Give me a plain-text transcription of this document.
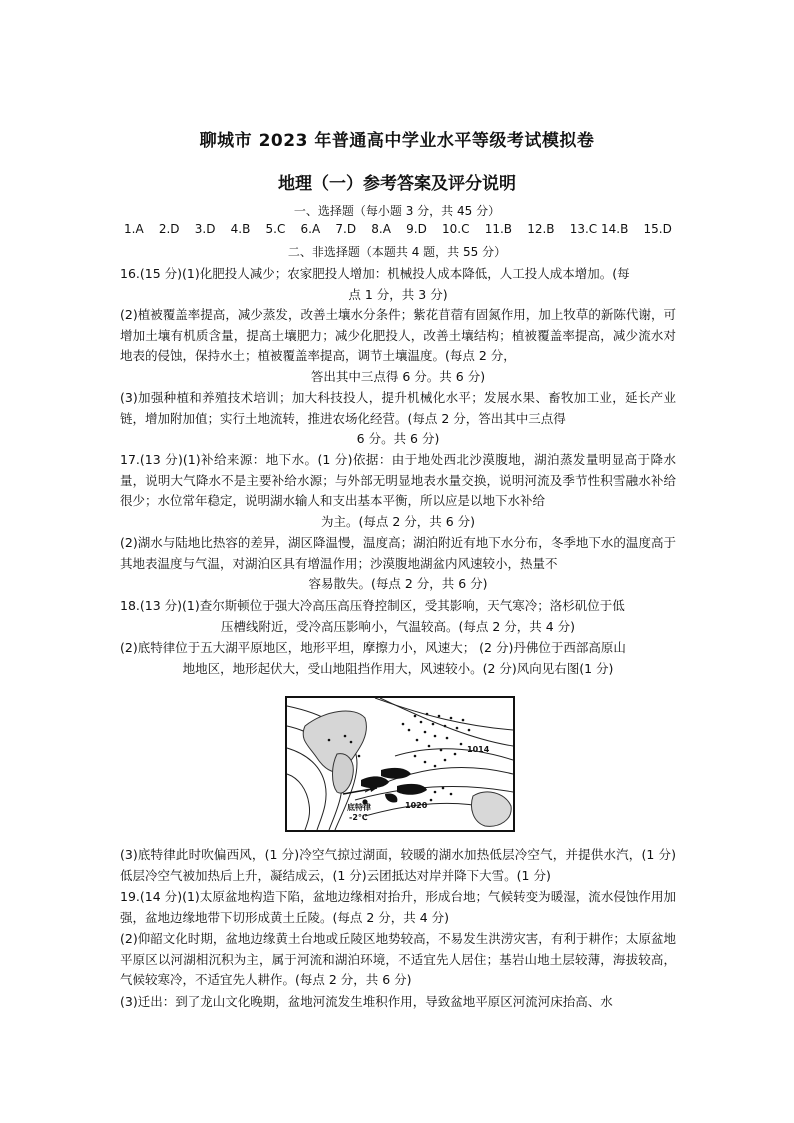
聊城市 2023 年普通高中学业水平等级考试模拟卷
地理（一）参考答案及评分说明
一、选择题（每小题 3 分，共 45 分）
1.A 2.D 3.D 4.B 5.C 6.A 7.D 8.A 9.D 10.C 11.B 12.B 13.C 14.B 15.D
二、非选择题（本题共 4 题，共 55 分）
16.(15 分)(1)化肥投人减少；农家肥投人增加：机械投人成本降低，人工投人成本增加。(每
点 1 分，共 3 分)
(2)植被覆盖率提高，减少蒸发，改善土壤水分条件；紫花苜蓿有固氮作用，加上牧草的新陈代谢，可增加土壤有机质含量，提高土壤肥力；减少化肥投人，改善土壤结构；植被覆盖率提高，减少流水对地表的侵蚀，保持水土；植被覆盖率提高，调节土壤温度。(每点 2 分，
答出其中三点得 6 分。共 6 分)
(3)加强种植和养殖技术培训；加大科技投人，提升机械化水平；发展水果、畜牧加工业，延长产业链，增加附加值；实行土地流转，推进农场化经营。(每点 2 分，答出其中三点得
6 分。共 6 分)
17.(13 分)(1)补给来源：地下水。(1 分)依据：由于地处西北沙漠腹地，湖泊蒸发量明显高于降水量，说明大气降水不是主要补给水源；与外部无明显地表水量交换，说明河流及季节性积雪融水补给很少；水位常年稳定，说明湖水输人和支出基本平衡，所以应是以地下水补给
为主。(每点 2 分，共 6 分)
(2)湖水与陆地比热容的差异，湖区降温慢，温度高；湖泊附近有地下水分布，冬季地下水的温度高于其地表温度与气温，对湖泊区具有增温作用；沙漠腹地湖盆内风速较小，热量不
容易散失。(每点 2 分，共 6 分)
18.(13 分)(1)查尔斯顿位于强大冷高压高压脊控制区，受其影响，天气寒冷；洛杉矶位于低
压槽线附近，受冷高压影响小，气温较高。(每点 2 分，共 4 分)
(2)底特律位于五大湖平原地区，地形平坦，摩擦力小，风速大； (2 分)丹佛位于西部高原山
地地区，地形起伏大，受山地阻挡作用大，风速较小。(2 分)风向见右图(1 分)
1014
1020
底特律
-2℃
(3)底特律此时吹偏西风，(1 分)冷空气掠过湖面，较暖的湖水加热低层冷空气，并提供水汽，(1 分)低层冷空气被加热后上升，凝结成云，(1 分)云团抵达对岸并降下大雪。(1 分)
19.(14 分)(1)太原盆地构造下陷，盆地边缘相对抬升，形成台地；气候转变为暖湿，流水侵蚀作用加强，盆地边缘地带下切形成黄土丘陵。(每点 2 分，共 4 分)
(2)仰韶文化时期，盆地边缘黄土台地或丘陵区地势较高，不易发生洪涝灾害，有利于耕作；太原盆地平原区以河湖相沉积为主，属于河流和湖泊环境，不适宜先人居住；基岩山地土层较薄，海拔较高，气候较寒冷，不适宜先人耕作。(每点 2 分，共 6 分)
(3)迁出：到了龙山文化晚期，盆地河流发生堆积作用，导致盆地平原区河流河床抬高、水
